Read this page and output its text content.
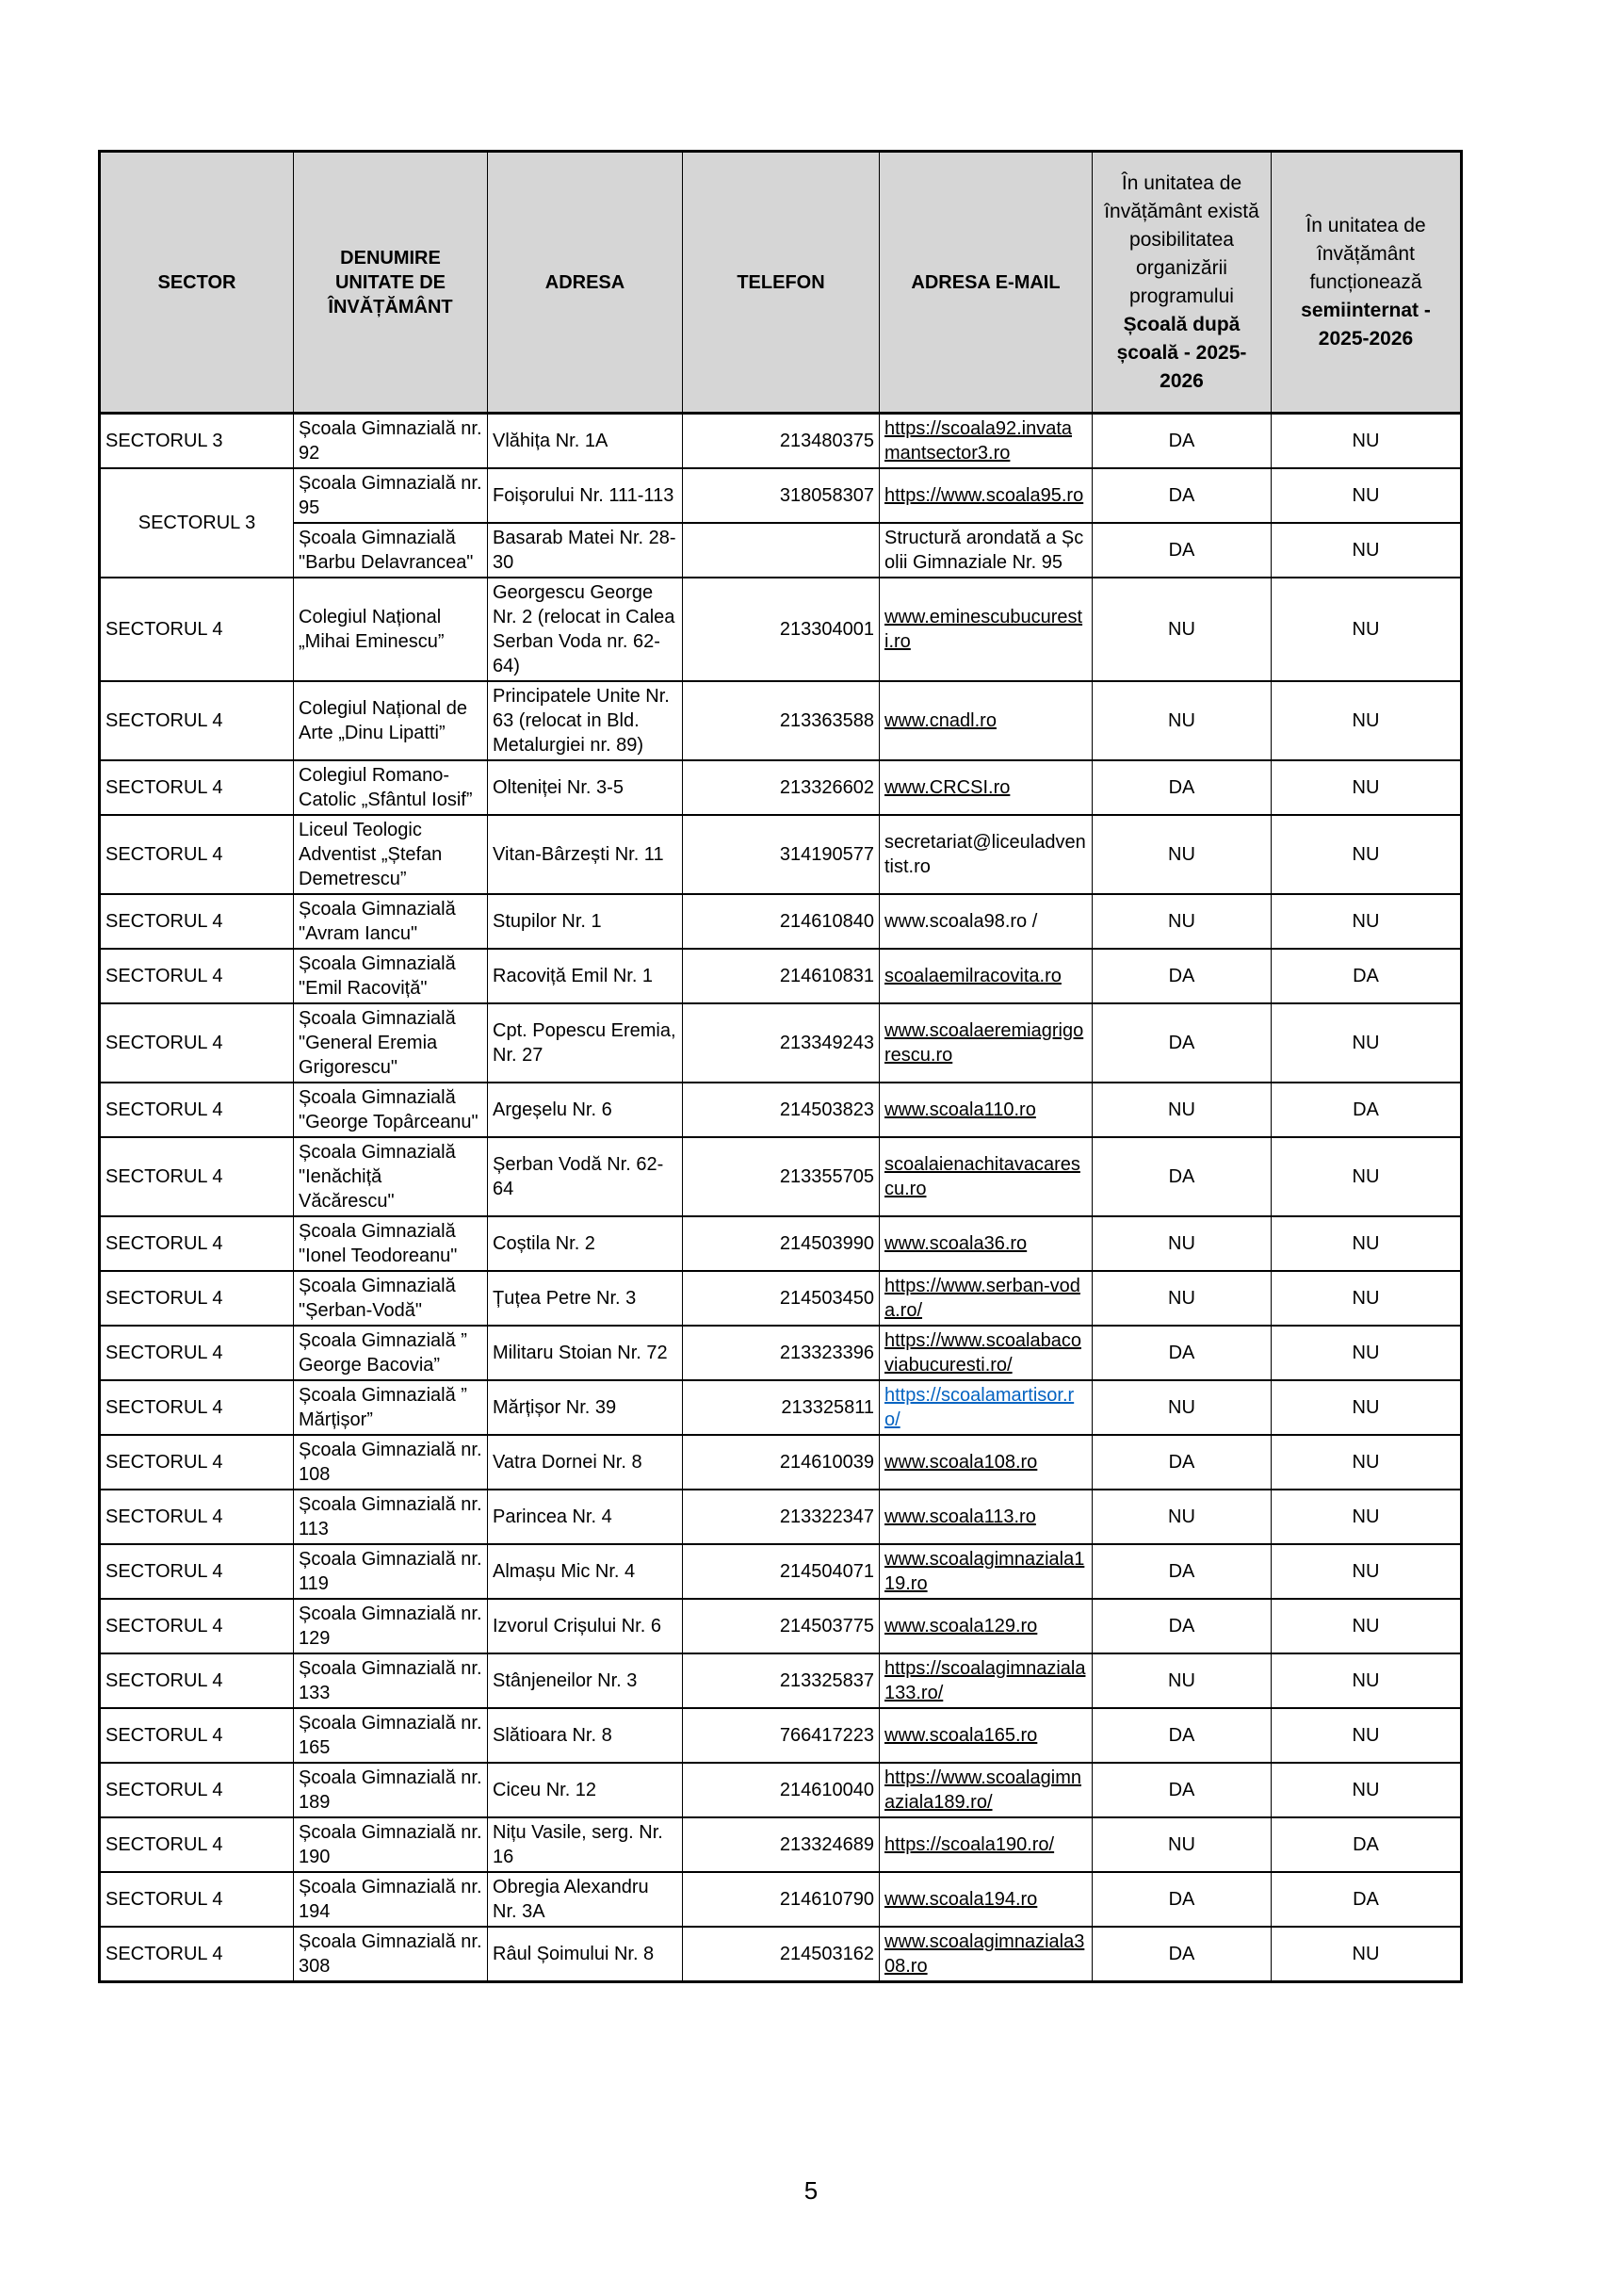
SECTOR	DENUMIRE UNITATE DE ÎNVĂȚĂMÂNT	ADRESA	TELEFON	ADRESA E-MAIL	În unitatea de învățământ există posibilitatea organizării programului Școală după școală - 2025-2026	În unitatea de învățământ funcționează semiinternat - 2025-2026
SECTORUL 3	Școala Gimnazială nr. 92	Vlăhița Nr. 1A	213480375	https://scoala92.invatamantsector3.ro	DA	NU
SECTORUL 3	Școala Gimnazială nr. 95	Foișorului Nr. 111-113	318058307	https://www.scoala95.ro	DA	NU
	Școala Gimnazială "Barbu Delavrancea"	Basarab Matei Nr. 28-30		Structură arondată a Școlii Gimnaziale Nr. 95	DA	NU
SECTORUL 4	Colegiul Național „Mihai Eminescu”	Georgescu George Nr. 2 (relocat in Calea Serban Voda nr. 62-64)	213304001	www.eminescubucuresti.ro	NU	NU
SECTORUL 4	Colegiul Național de Arte „Dinu Lipatti”	Principatele Unite Nr. 63 (relocat in Bld. Metalurgiei nr. 89)	213363588	www.cnadl.ro	NU	NU
SECTORUL 4	Colegiul Romano-Catolic „Sfântul Iosif”	Olteniței Nr. 3-5	213326602	www.CRCSI.ro	DA	NU
SECTORUL 4	Liceul Teologic Adventist „Ștefan Demetrescu”	Vitan-Bârzești Nr. 11	314190577	secretariat@liceuladventist.ro	NU	NU
SECTORUL 4	Școala Gimnazială "Avram Iancu"	Stupilor Nr. 1	214610840	www.scoala98.ro /	NU	NU
SECTORUL 4	Școala Gimnazială "Emil Racoviță"	Racoviță Emil Nr. 1	214610831	scoalaemilracovita.ro	DA	DA
SECTORUL 4	Școala Gimnazială "General Eremia Grigorescu"	Cpt. Popescu Eremia, Nr. 27	213349243	www.scoalaeremiagrigorescu.ro	DA	NU
SECTORUL 4	Școala Gimnazială "George Topârceanu"	Argeșelu Nr. 6	214503823	www.scoala110.ro	NU	DA
SECTORUL 4	Școala Gimnazială "Ienăchiță Văcărescu"	Șerban Vodă Nr. 62-64	213355705	scoalaienachitavacarescu.ro	DA	NU
SECTORUL 4	Școala Gimnazială "Ionel Teodoreanu"	Coștila Nr. 2	214503990	www.scoala36.ro	NU	NU
SECTORUL 4	Școala Gimnazială "Șerban-Vodă"	Țuțea Petre Nr. 3	214503450	https://www.serban-voda.ro/	NU	NU
SECTORUL 4	Școala Gimnazială ” George Bacovia”	Militaru Stoian Nr. 72	213323396	https://www.scoalabacoviabucuresti.ro/	DA	NU
SECTORUL 4	Școala Gimnazială ” Mărțișor”	Mărțișor Nr. 39	213325811	https://scoalamartisor.ro/	NU	NU
SECTORUL 4	Școala Gimnazială nr. 108	Vatra Dornei Nr. 8	214610039	www.scoala108.ro	DA	NU
SECTORUL 4	Școala Gimnazială nr. 113	Parincea Nr. 4	213322347	www.scoala113.ro	NU	NU
SECTORUL 4	Școala Gimnazială nr. 119	Almașu Mic Nr. 4	214504071	www.scoalagimnaziala119.ro	DA	NU
SECTORUL 4	Școala Gimnazială nr. 129	Izvorul Crișului Nr. 6	214503775	www.scoala129.ro	DA	NU
SECTORUL 4	Școala Gimnazială nr. 133	Stânjeneilor Nr. 3	213325837	https://scoalagimnaziala133.ro/	NU	NU
SECTORUL 4	Școala Gimnazială nr. 165	Slătioara Nr. 8	766417223	www.scoala165.ro	DA	NU
SECTORUL 4	Școala Gimnazială nr. 189	Ciceu Nr. 12	214610040	https://www.scoalagimnaziala189.ro/	DA	NU
SECTORUL 4	Școala Gimnazială nr. 190	Nițu Vasile, serg. Nr. 16	213324689	https://scoala190.ro/	NU	DA
SECTORUL 4	Școala Gimnazială nr. 194	Obregia Alexandru Nr. 3A	214610790	www.scoala194.ro	DA	DA
SECTORUL 4	Școala Gimnazială nr. 308	Râul Șoimului Nr. 8	214503162	www.scoalagimnaziala308.ro	DA	NU
5
